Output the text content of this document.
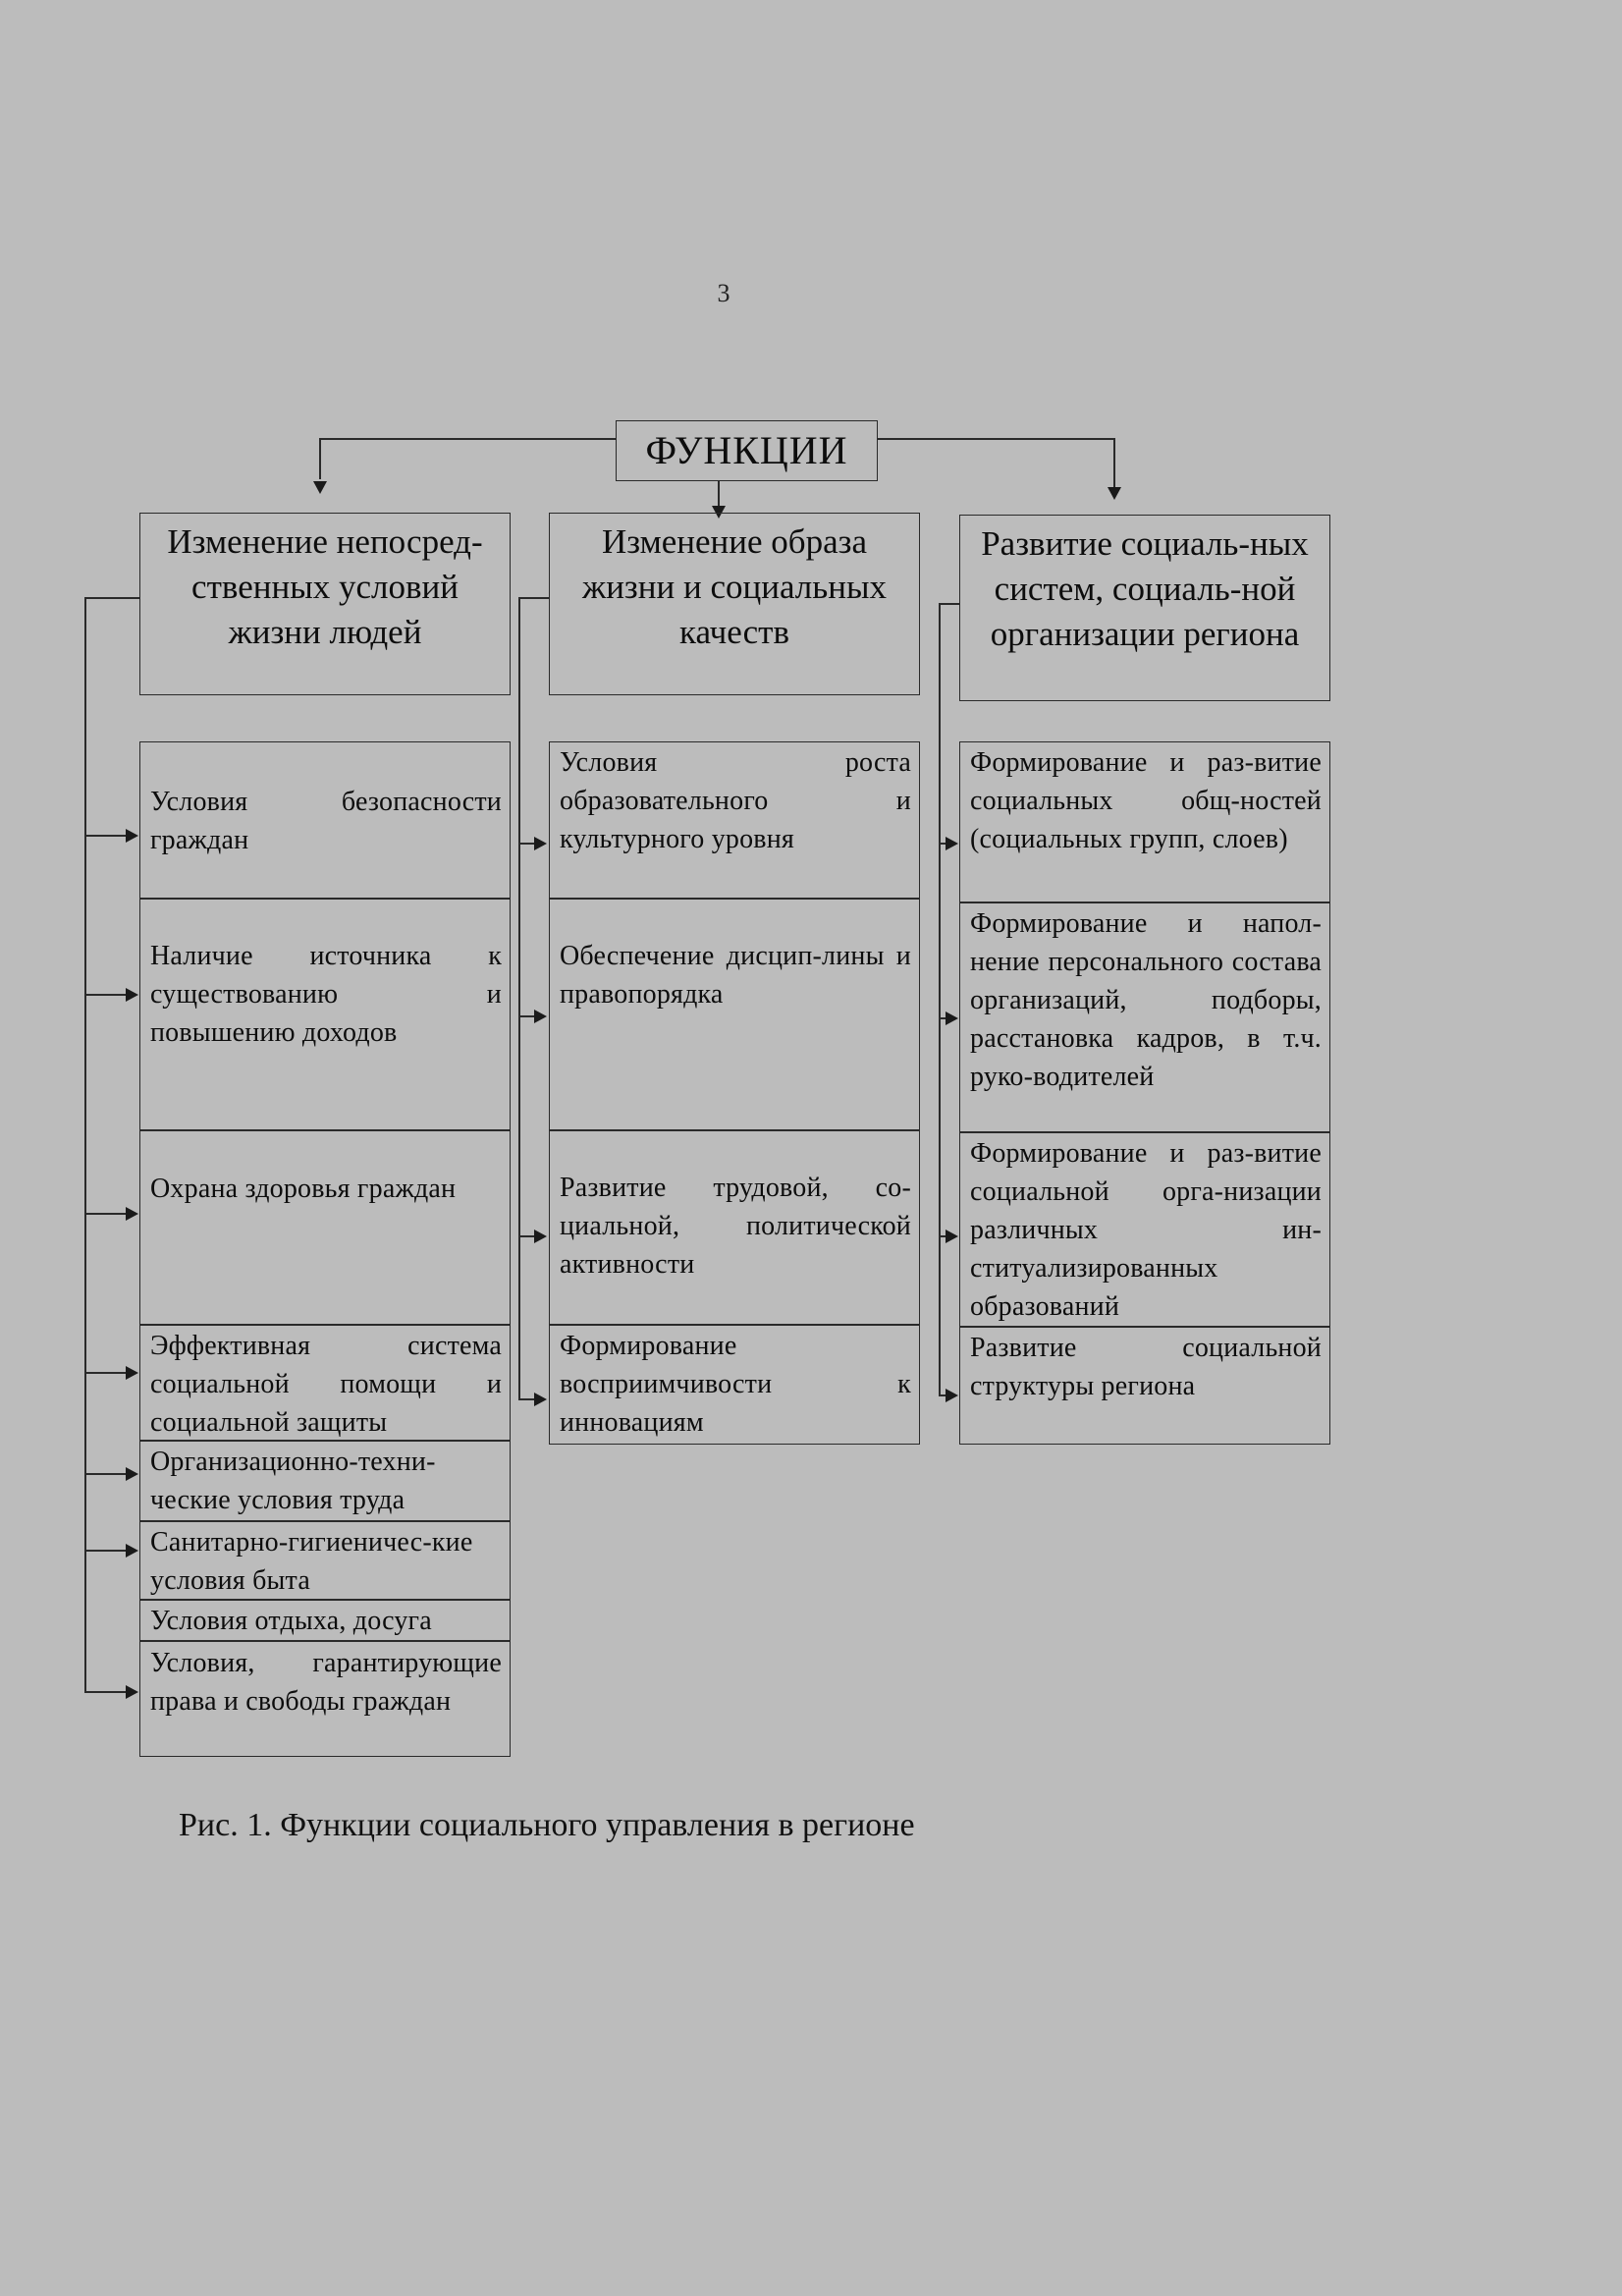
3
ФУНКЦИИ
Изменение непосред-ственных условий жизни людей
Условия безопасности граждан
Наличие источника к существованию и повышению доходов
Охрана здоровья граждан
Эффективная система социальной помощи и социальной защиты
Организационно-техни-ческие условия труда
Санитарно-гигиеничес-кие условия быта
Условия отдыха, досуга
Условия, гарантирующие права и свободы граждан
Изменение образа жизни и социальных качеств
Условия роста образовательного и культурного уровня
Обеспечение дисцип-лины и правопорядка
Развитие трудовой, со-циальной, политической активности
Формирование восприимчивости к инновациям
Развитие социаль-ных систем, социаль-ной организации региона
Формирование и раз-витие социальных общ-ностей (социальных групп, слоев)
Формирование и напол-нение персонального состава организаций, подборы, расстановка кадров, в т.ч. руко-водителей
Формирование и раз-витие социальной орга-низации различных ин-ституализированных образований
Развитие социальной структуры региона
Рис. 1. Функции социального управления в регионе
